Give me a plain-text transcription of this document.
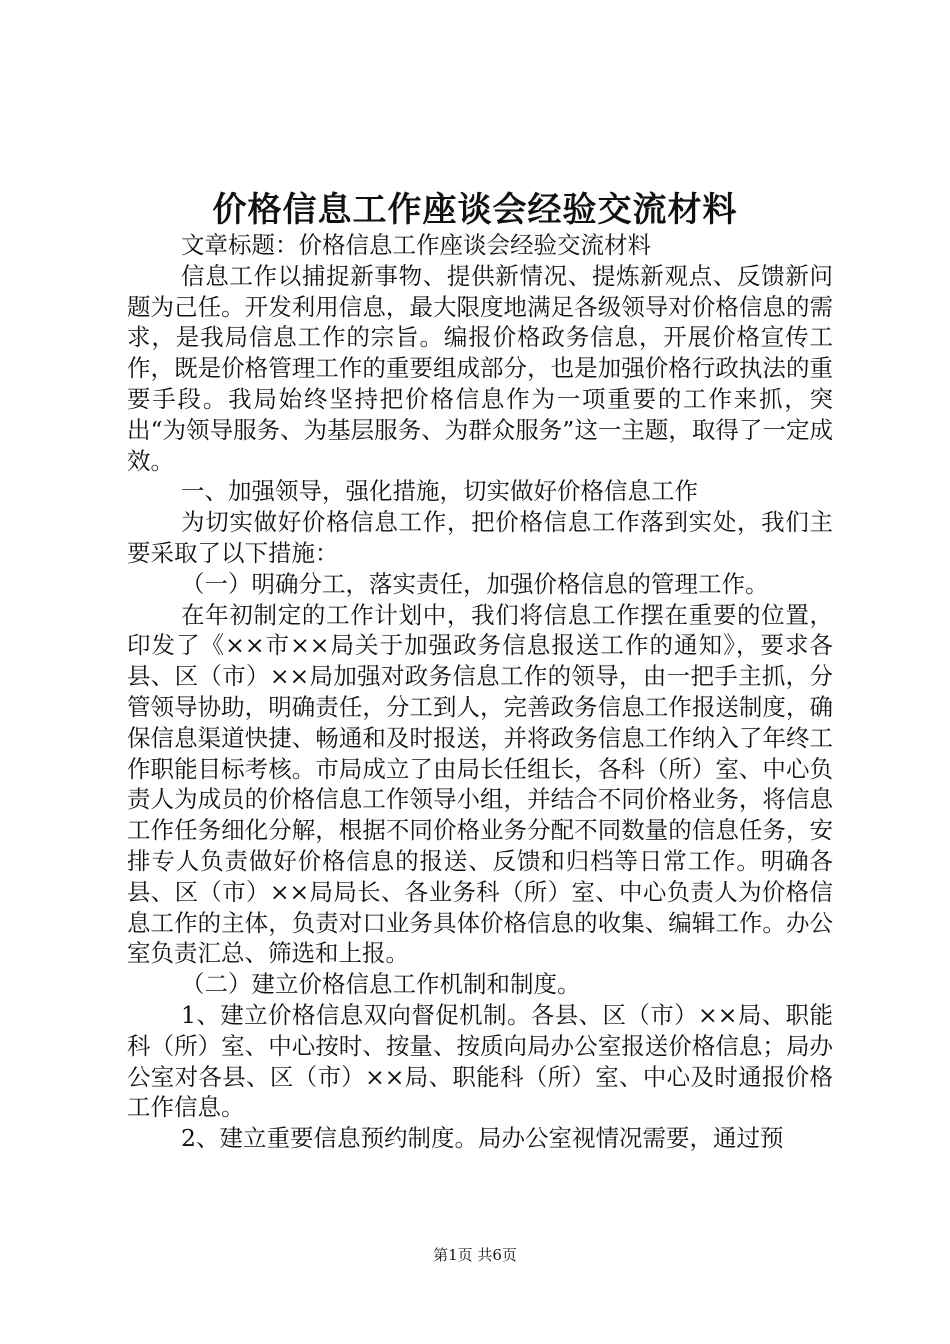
价格信息工作座谈会经验交流材料

文章标题：价格信息工作座谈会经验交流材料

信息工作以捕捉新事物、提供新情况、提炼新观点、反馈新问题为己任。开发利用信息，最大限度地满足各级领导对价格信息的需求，是我局信息工作的宗旨。编报价格政务信息，开展价格宣传工作，既是价格管理工作的重要组成部分，也是加强价格行政执法的重要手段。我局始终坚持把价格信息作为一项重要的工作来抓，突出“为领导服务、为基层服务、为群众服务”这一主题，取得了一定成效。

一、加强领导，强化措施，切实做好价格信息工作

为切实做好价格信息工作，把价格信息工作落到实处，我们主要采取了以下措施：

（一）明确分工，落实责任，加强价格信息的管理工作。

在年初制定的工作计划中，我们将信息工作摆在重要的位置，印发了《××市××局关于加强政务信息报送工作的通知》，要求各县、区（市）××局加强对政务信息工作的领导，由一把手主抓，分管领导协助，明确责任，分工到人，完善政务信息工作报送制度，确保信息渠道快捷、畅通和及时报送，并将政务信息工作纳入了年终工作职能目标考核。市局成立了由局长任组长，各科（所）室、中心负责人为成员的价格信息工作领导小组，并结合不同价格业务，将信息工作任务细化分解，根据不同价格业务分配不同数量的信息任务，安排专人负责做好价格信息的报送、反馈和归档等日常工作。明确各县、区（市）××局局长、各业务科（所）室、中心负责人为价格信息工作的主体，负责对口业务具体价格信息的收集、编辑工作。办公室负责汇总、筛选和上报。

（二）建立价格信息工作机制和制度。

1、建立价格信息双向督促机制。各县、区（市）××局、职能科（所）室、中心按时、按量、按质向局办公室报送价格信息；局办公室对各县、区（市）××局、职能科（所）室、中心及时通报价格工作信息。

2、建立重要信息预约制度。局办公室视情况需要，通过预

第1页 共6页
